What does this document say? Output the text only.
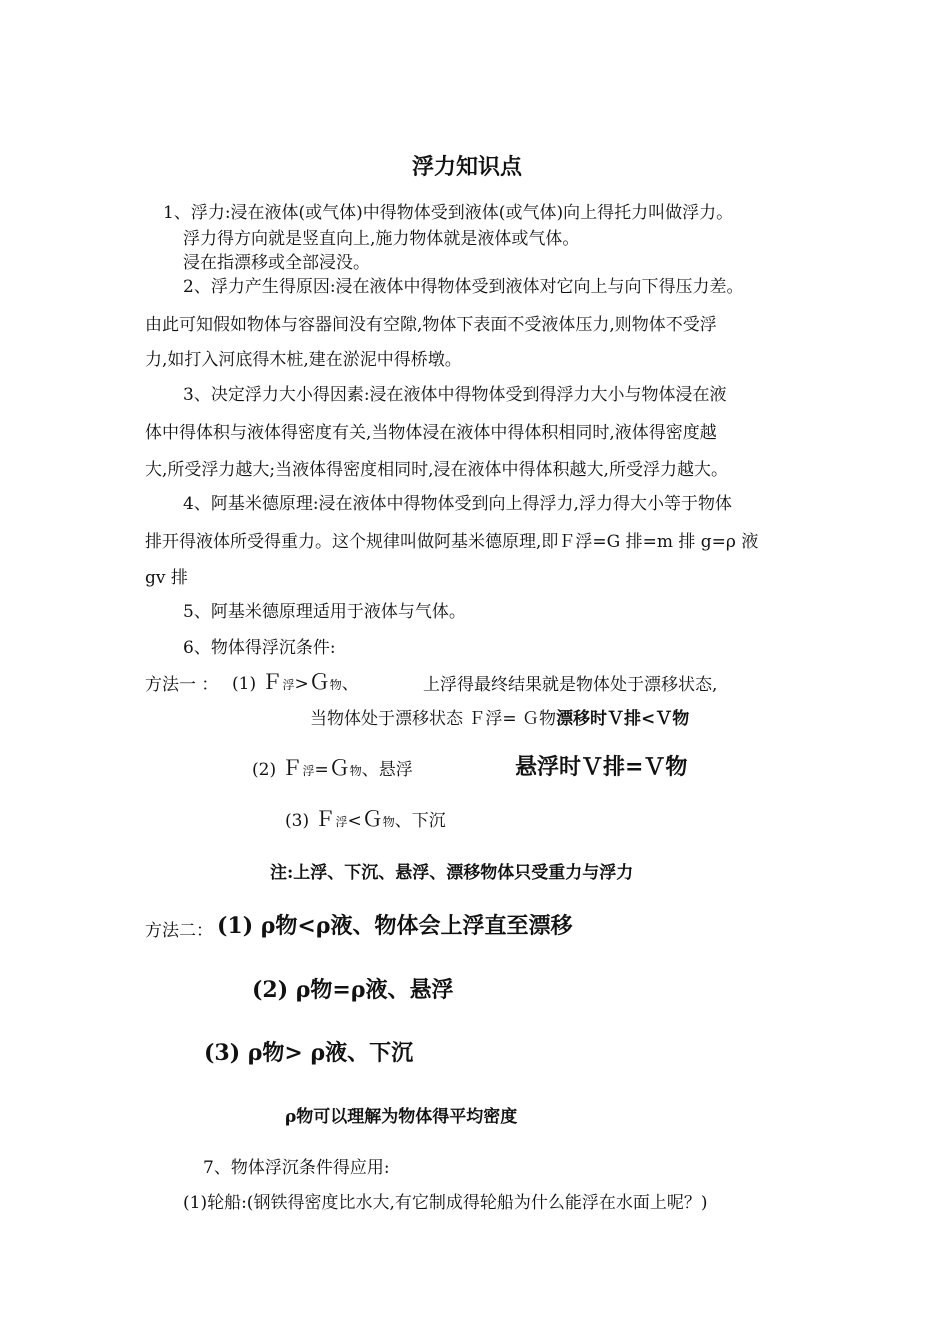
浮力知识点
1、浮力:浸在液体(或气体)中得物体受到液体(或气体)向上得托力叫做浮力。
浮力得方向就是竖直向上,施力物体就是液体或气体。
浸在指漂移或全部浸没。
2、浮力产生得原因:浸在液体中得物体受到液体对它向上与向下得压力差。
由此可知假如物体与容器间没有空隙,物体下表面不受液体压力,则物体不受浮
力,如打入河底得木桩,建在淤泥中得桥墩。
3、决定浮力大小得因素:浸在液体中得物体受到得浮力大小与物体浸在液
体中得体积与液体得密度有关,当物体浸在液体中得体积相同时,液体得密度越
大,所受浮力越大;当液体得密度相同时,浸在液体中得体积越大,所受浮力越大。
4、阿基米德原理:浸在液体中得物体受到向上得浮力,浮力得大小等于物体
排开得液体所受得重力。这个规律叫做阿基米德原理,即Ｆ浮=G 排=m 排 g=ρ 液
gv 排
5、阿基米德原理适用于液体与气体。
6、物体得浮沉条件:
方法一 ： (1) Ｆ浮>Ｇ物、	上浮得最终结果就是物体处于漂移状态,
当物体处于漂移状态 Ｆ浮= Ｇ物漂移时Ｖ排<Ｖ物
(2) Ｆ浮=Ｇ物、悬浮	悬浮时Ｖ排=Ｖ物
(3) Ｆ浮<Ｇ物、下沉
注:上浮、下沉、悬浮、漂移物体只受重力与浮力
方法二： (1) ρ物<ρ液、物体会上浮直至漂移
(2) ρ物=ρ液、悬浮
(3) ρ物> ρ液、下沉
ρ物可以理解为物体得平均密度
7、物体浮沉条件得应用:
(1)轮船:(钢铁得密度比水大,有它制成得轮船为什么能浮在水面上呢？)
